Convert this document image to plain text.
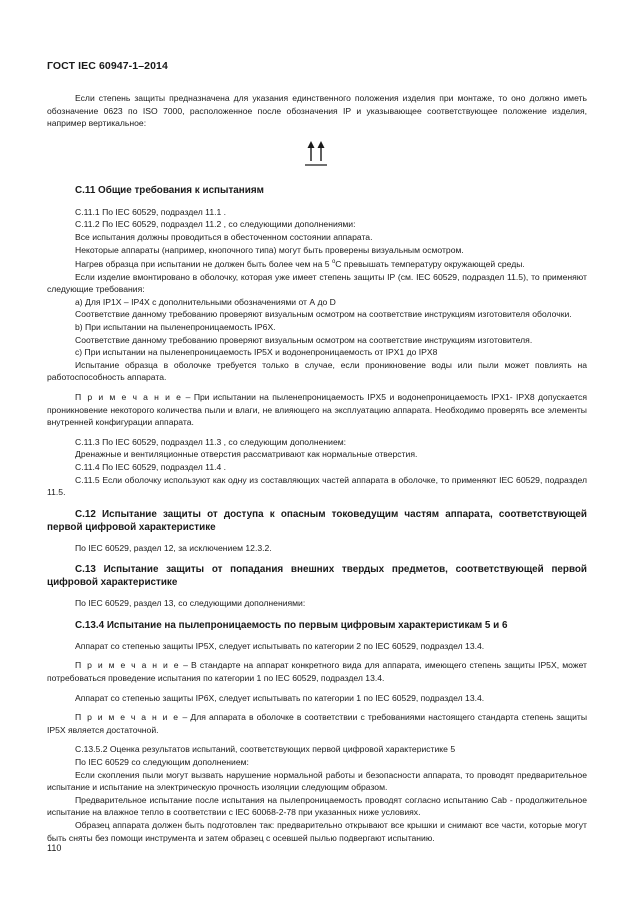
ГОСТ IEC 60947-1–2014

Если степень защиты предназначена для указания единственного положения изделия при монтаже, то оно должно иметь обозначение 0623 по ISO 7000, расположенное после обозначения IP и указывающее соответствующее положение изделия, например вертикальное:

С.11 Общие требования к испытаниям

С.11.1 По IEC 60529, подраздел 11.1 .

С.11.2 По IEC 60529, подраздел 11.2 , со следующими дополнениями:

Все испытания должны проводиться в обесточенном состоянии аппарата.

Некоторые аппараты (например, кнопочного типа) могут быть проверены визуальным осмотром.

Нагрев образца при испытании не должен быть более чем на 5 $^o$С превышать температуру окружающей среды.

Если изделие вмонтировано в оболочку, которая уже имеет степень защиты IP (см. IEC 60529, подраздел 11.5), то применяют следующие требования:

а) Для IP1X – IP4X с дополнительными обозначениями от А до D

Соответствие данному требованию проверяют визуальным осмотром на соответствие инструкциям изготовителя оболочки.

b) При испытании на пыленепроницаемость IP6X.

Соответствие данному требованию проверяют визуальным осмотром на соответствие инструкциям изготовителя.

с) При испытании на пыленепроницаемость IP5X и водонепроницаемость от IPX1 до IPX8

Испытание образца в оболочке требуется только в случае, если проникновение воды или пыли может повлиять на работоспособность аппарата.

П р и м е ч а н и е – При испытании на пыленепроницаемость IPX5 и водонепроницаемость IPX1- IPX8 допускается проникновение некоторого количества пыли и влаги, не влияющего на эксплуатацию аппарата. Необходимо проверять все элементы внутренней конфигурации аппарата.

С.11.3 По IEC 60529, подраздел 11.3 , со следующим дополнением:

Дренажные и вентиляционные отверстия рассматривают как нормальные отверстия.

С.11.4 По IEC 60529, подраздел 11.4 .

С.11.5 Если оболочку используют как одну из составляющих частей аппарата в оболочке, то применяют IEC 60529, подраздел 11.5.

С.12 Испытание защиты от доступа к опасным токоведущим частям аппарата, соответствующей первой цифровой характеристике

По IEC 60529, раздел 12, за исключением 12.3.2.

С.13 Испытание защиты от попадания внешних твердых предметов, соответствующей первой цифровой характеристике

По IEC 60529, раздел 13, со следующими дополнениями:

С.13.4 Испытание на пылепроницаемость по первым цифровым характеристикам 5 и 6

Аппарат со степенью защиты IP5X, следует испытывать по категории 2 по IEC 60529, подраздел 13.4.

П р и м е ч а н и е – В стандарте на аппарат конкретного вида для аппарата, имеющего степень защиты IP5X, может потребоваться проведение испытания по категории 1 по IEC 60529, подраздел 13.4.

Аппарат со степенью защиты IP6X, следует испытывать по категории 1 по IEC 60529, подраздел 13.4.

П р и м е ч а н и е – Для аппарата в оболочке в соответствии с требованиями настоящего стандарта степень защиты IP5X является достаточной.

С.13.5.2 Оценка результатов испытаний, соответствующих первой цифровой характеристике 5

По IEC 60529 со следующим дополнением:

Если скопления пыли могут вызвать нарушение нормальной работы и безопасности аппарата, то проводят предварительное испытание и испытание на электрическую прочность изоляции следующим образом.

Предварительное испытание после испытания на пылепроницаемость проводят согласно испытанию Cab - продолжительное испытание на влажное тепло в соответствии с IEC 60068-2-78 при указанных ниже условиях.

Образец аппарата должен быть подготовлен так: предварительно открывают все крышки и снимают все части, которые могут быть сняты без помощи инструмента и затем образец с осевшей пылью подвергают испытанию.

110
